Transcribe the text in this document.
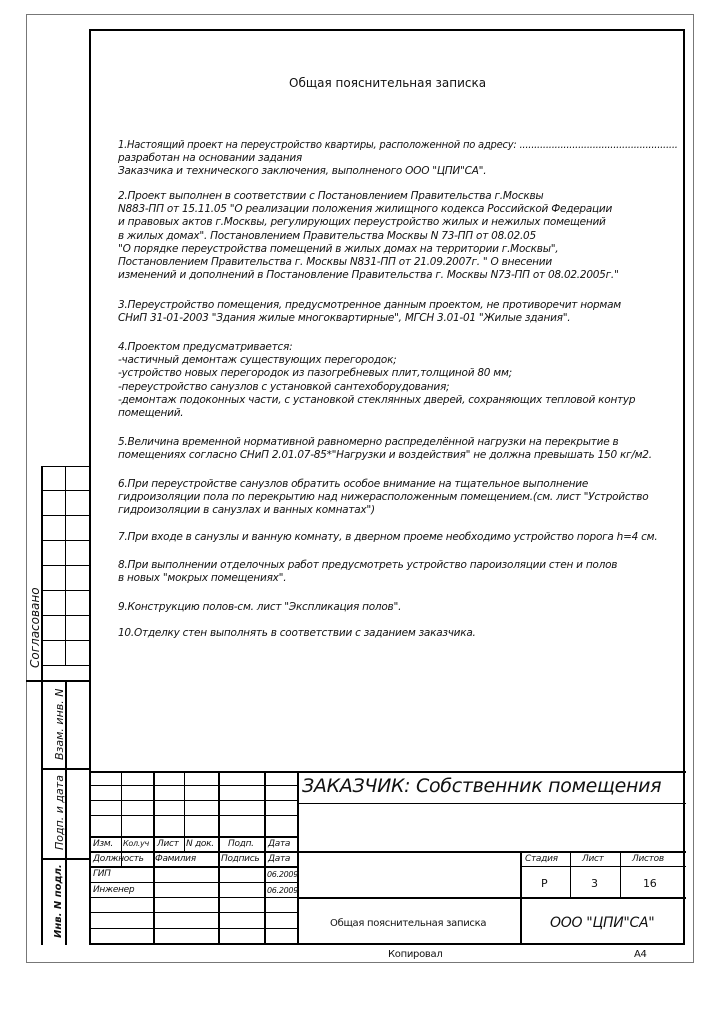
Согласовано
Взам. инв. N
Подп. и дата
Инв. N подл.
Общая пояснительная записка
1.Настоящий проект на переустройство квартиры, расположенной по адресу: ......................................................
разработан на основании задания
Заказчика и технического заключения, выполненого ООО "ЦПИ"СА".
2.Проект выполнен в соответствии с Постановлением Правительства г.Москвы
N883-ПП от 15.11.05 "О реализации положения жилищного кодекса Российской Федерации
и правовых актов г.Москвы, регулирующих переустройство жилых и нежилых помещений
в жилых домах". Постановлением Правительства Москвы N 73-ПП от 08.02.05
"О порядке переустройства помещений в жилых домах на территории г.Москвы",
Постановлением Правительства г. Москвы N831-ПП от 21.09.2007г. " О внесении
изменений и дополнений в Постановление Правительства г. Москвы N73-ПП от 08.02.2005г."
3.Переустройство помещения, предусмотренное данным проектом, не противоречит нормам
СНиП 31-01-2003 "Здания жилые многоквартирные", МГСН 3.01-01 "Жилые здания".
4.Проектом предусматривается:
-частичный демонтаж существующих перегородок;
-устройство новых перегородок из пазогребневых плит,толщиной 80 мм;
-переустройство санузлов с установкой сантехоборудования;
-демонтаж подоконных части, с установкой стеклянных дверей, сохраняющих тепловой контур
помещений.
5.Величина временной нормативной равномерно распределённой нагрузки на перекрытие в
помещениях согласно СНиП 2.01.07-85*"Нагрузки и воздействия" не должна превышать 150 кг/м2.
6.При переустройстве санузлов обратить особое внимание на тщательное выполнение
гидроизоляции пола по перекрытию над нижерасположенным помещением.(см. лист "Устройство
гидроизоляции в санузлах и ванных комнатах")
7.При входе в санузлы и ванную комнату, в дверном проеме необходимо устройство порога h=4 см.
8.При выполнении отделочных работ предусмотреть устройство пароизоляции стен и полов
в новых "мокрых помещениях".
9.Конструкцию полов-см. лист "Экспликация полов".
10.Отделку стен выполнять в соответствии с заданием заказчика.
ЗАКАЗЧИК: Собственник помещения
Изм. Кол.уч Лист N док. Подп. Дата
Должность Фамилия	Подпись Дата
ГИП	06.2009
Инженер	06.2009
Стадия	Лист	Листов
Р	3	16
Общая пояснительная записка	ООО "ЦПИ"СА"
Копировал	А4
